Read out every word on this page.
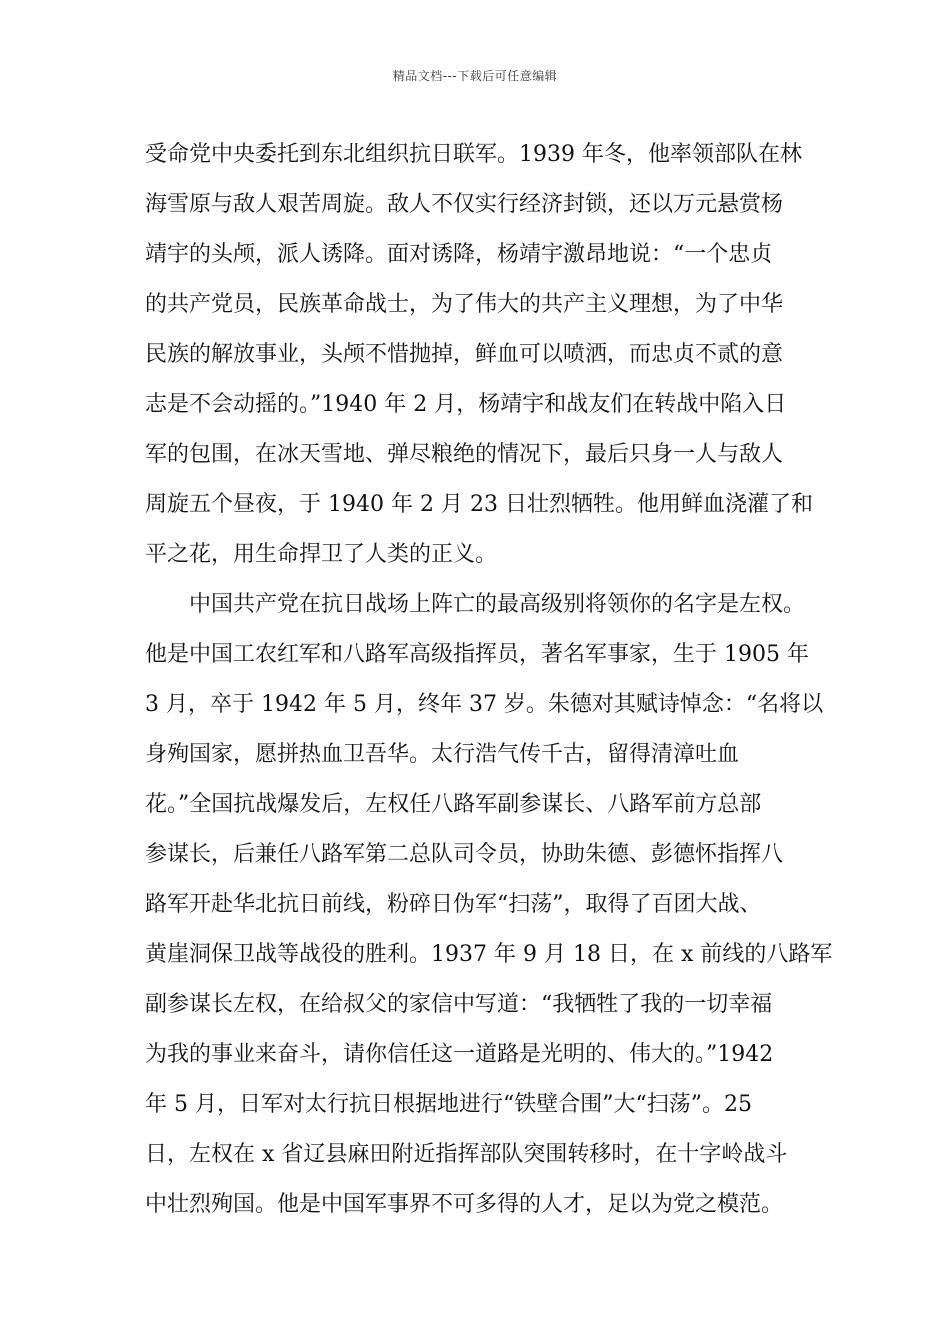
精品文档---下载后可任意编辑
受命党中央委托到东北组织抗日联军。1939 年冬，他率领部队在林
海雪原与敌人艰苦周旋。敌人不仅实行经济封锁，还以万元悬赏杨
靖宇的头颅，派人诱降。面对诱降，杨靖宇激昂地说：“一个忠贞
的共产党员，民族革命战士，为了伟大的共产主义理想，为了中华
民族的解放事业，头颅不惜抛掉，鲜血可以喷洒，而忠贞不贰的意
志是不会动摇的。”1940 年 2 月，杨靖宇和战友们在转战中陷入日
军的包围，在冰天雪地、弹尽粮绝的情况下，最后只身一人与敌人
周旋五个昼夜，于 1940 年 2 月 23 日壮烈牺牲。他用鲜血浇灌了和
平之花，用生命捍卫了人类的正义。
中国共产党在抗日战场上阵亡的最高级别将领你的名字是左权。
他是中国工农红军和八路军高级指挥员，著名军事家，生于 1905 年
3 月，卒于 1942 年 5 月，终年 37 岁。朱德对其赋诗悼念：“名将以
身殉国家，愿拼热血卫吾华。太行浩气传千古，留得清漳吐血
花。”全国抗战爆发后，左权任八路军副参谋长、八路军前方总部
参谋长，后兼任八路军第二总队司令员，协助朱德、彭德怀指挥八
路军开赴华北抗日前线，粉碎日伪军“扫荡”，取得了百团大战、
黄崖洞保卫战等战役的胜利。1937 年 9 月 18 日，在 x 前线的八路军
副参谋长左权，在给叔父的家信中写道：“我牺牲了我的一切幸福
为我的事业来奋斗，请你信任这一道路是光明的、伟大的。”1942
年 5 月，日军对太行抗日根据地进行“铁壁合围”大“扫荡”。25
日，左权在 x 省辽县麻田附近指挥部队突围转移时，在十字岭战斗
中壮烈殉国。他是中国军事界不可多得的人才，足以为党之模范。
